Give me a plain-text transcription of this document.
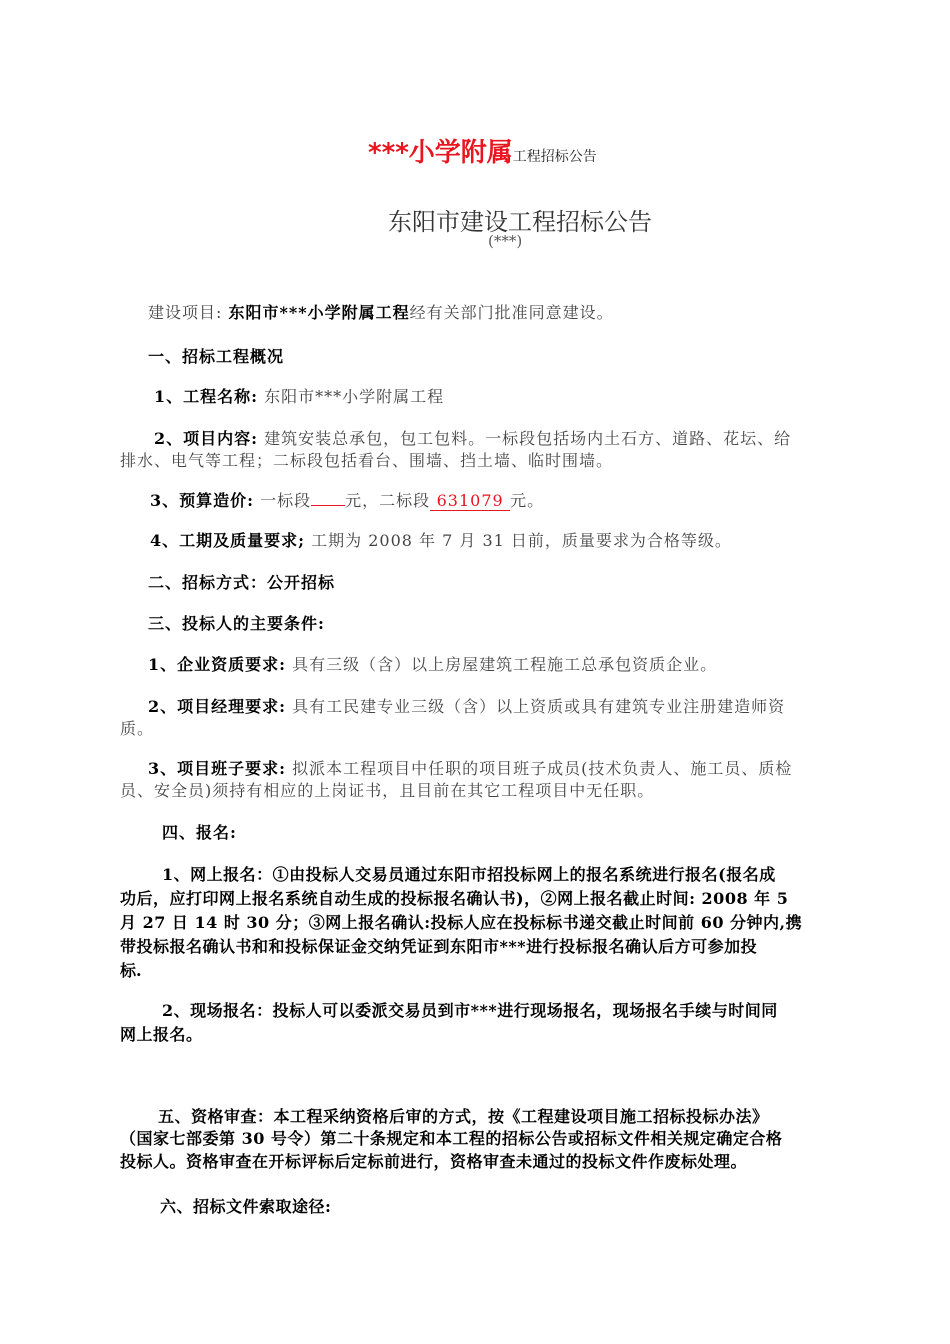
***小学附属工程招标公告
东阳市建设工程招标公告
(***)
建设项目: 东阳市***小学附属工程经有关部门批准同意建设。
一、招标工程概况
1、工程名称: 东阳市***小学附属工程
2、项目内容: 建筑安装总承包，包工包料。一标段包括场内土石方、道路、花坛、给
排水、电气等工程；二标段包括看台、围墙、挡土墙、临时围墙。
3、预算造价: 一标段 元，二标段 631079 元。
4、工期及质量要求; 工期为 2008 年 7 月 31 日前，质量要求为合格等级。
二、招标方式：公开招标
三、投标人的主要条件:
1、企业资质要求: 具有三级（含）以上房屋建筑工程施工总承包资质企业。
2、项目经理要求: 具有工民建专业三级（含）以上资质或具有建筑专业注册建造师资
质。
3、项目班子要求: 拟派本工程项目中任职的项目班子成员(技术负责人、施工员、质检
员、安全员)须持有相应的上岗证书，且目前在其它工程项目中无任职。
四、报名:
1、网上报名：①由投标人交易员通过东阳市招投标网上的报名系统进行报名(报名成
功后，应打印网上报名系统自动生成的投标报名确认书)，②网上报名截止时间: 2008 年 5
月 27 日 14 时 30 分；③网上报名确认:投标人应在投标标书递交截止时间前 60 分钟内,携
带投标报名确认书和和投标保证金交纳凭证到东阳市***进行投标报名确认后方可参加投
标.
2、现场报名：投标人可以委派交易员到市***进行现场报名，现场报名手续与时间同
网上报名。
五、资格审查：本工程采纳资格后审的方式，按《工程建设项目施工招标投标办法》
（国家七部委第 30 号令）第二十条规定和本工程的招标公告或招标文件相关规定确定合格
投标人。资格审查在开标评标后定标前进行，资格审查未通过的投标文件作废标处理。
六、招标文件索取途径:
